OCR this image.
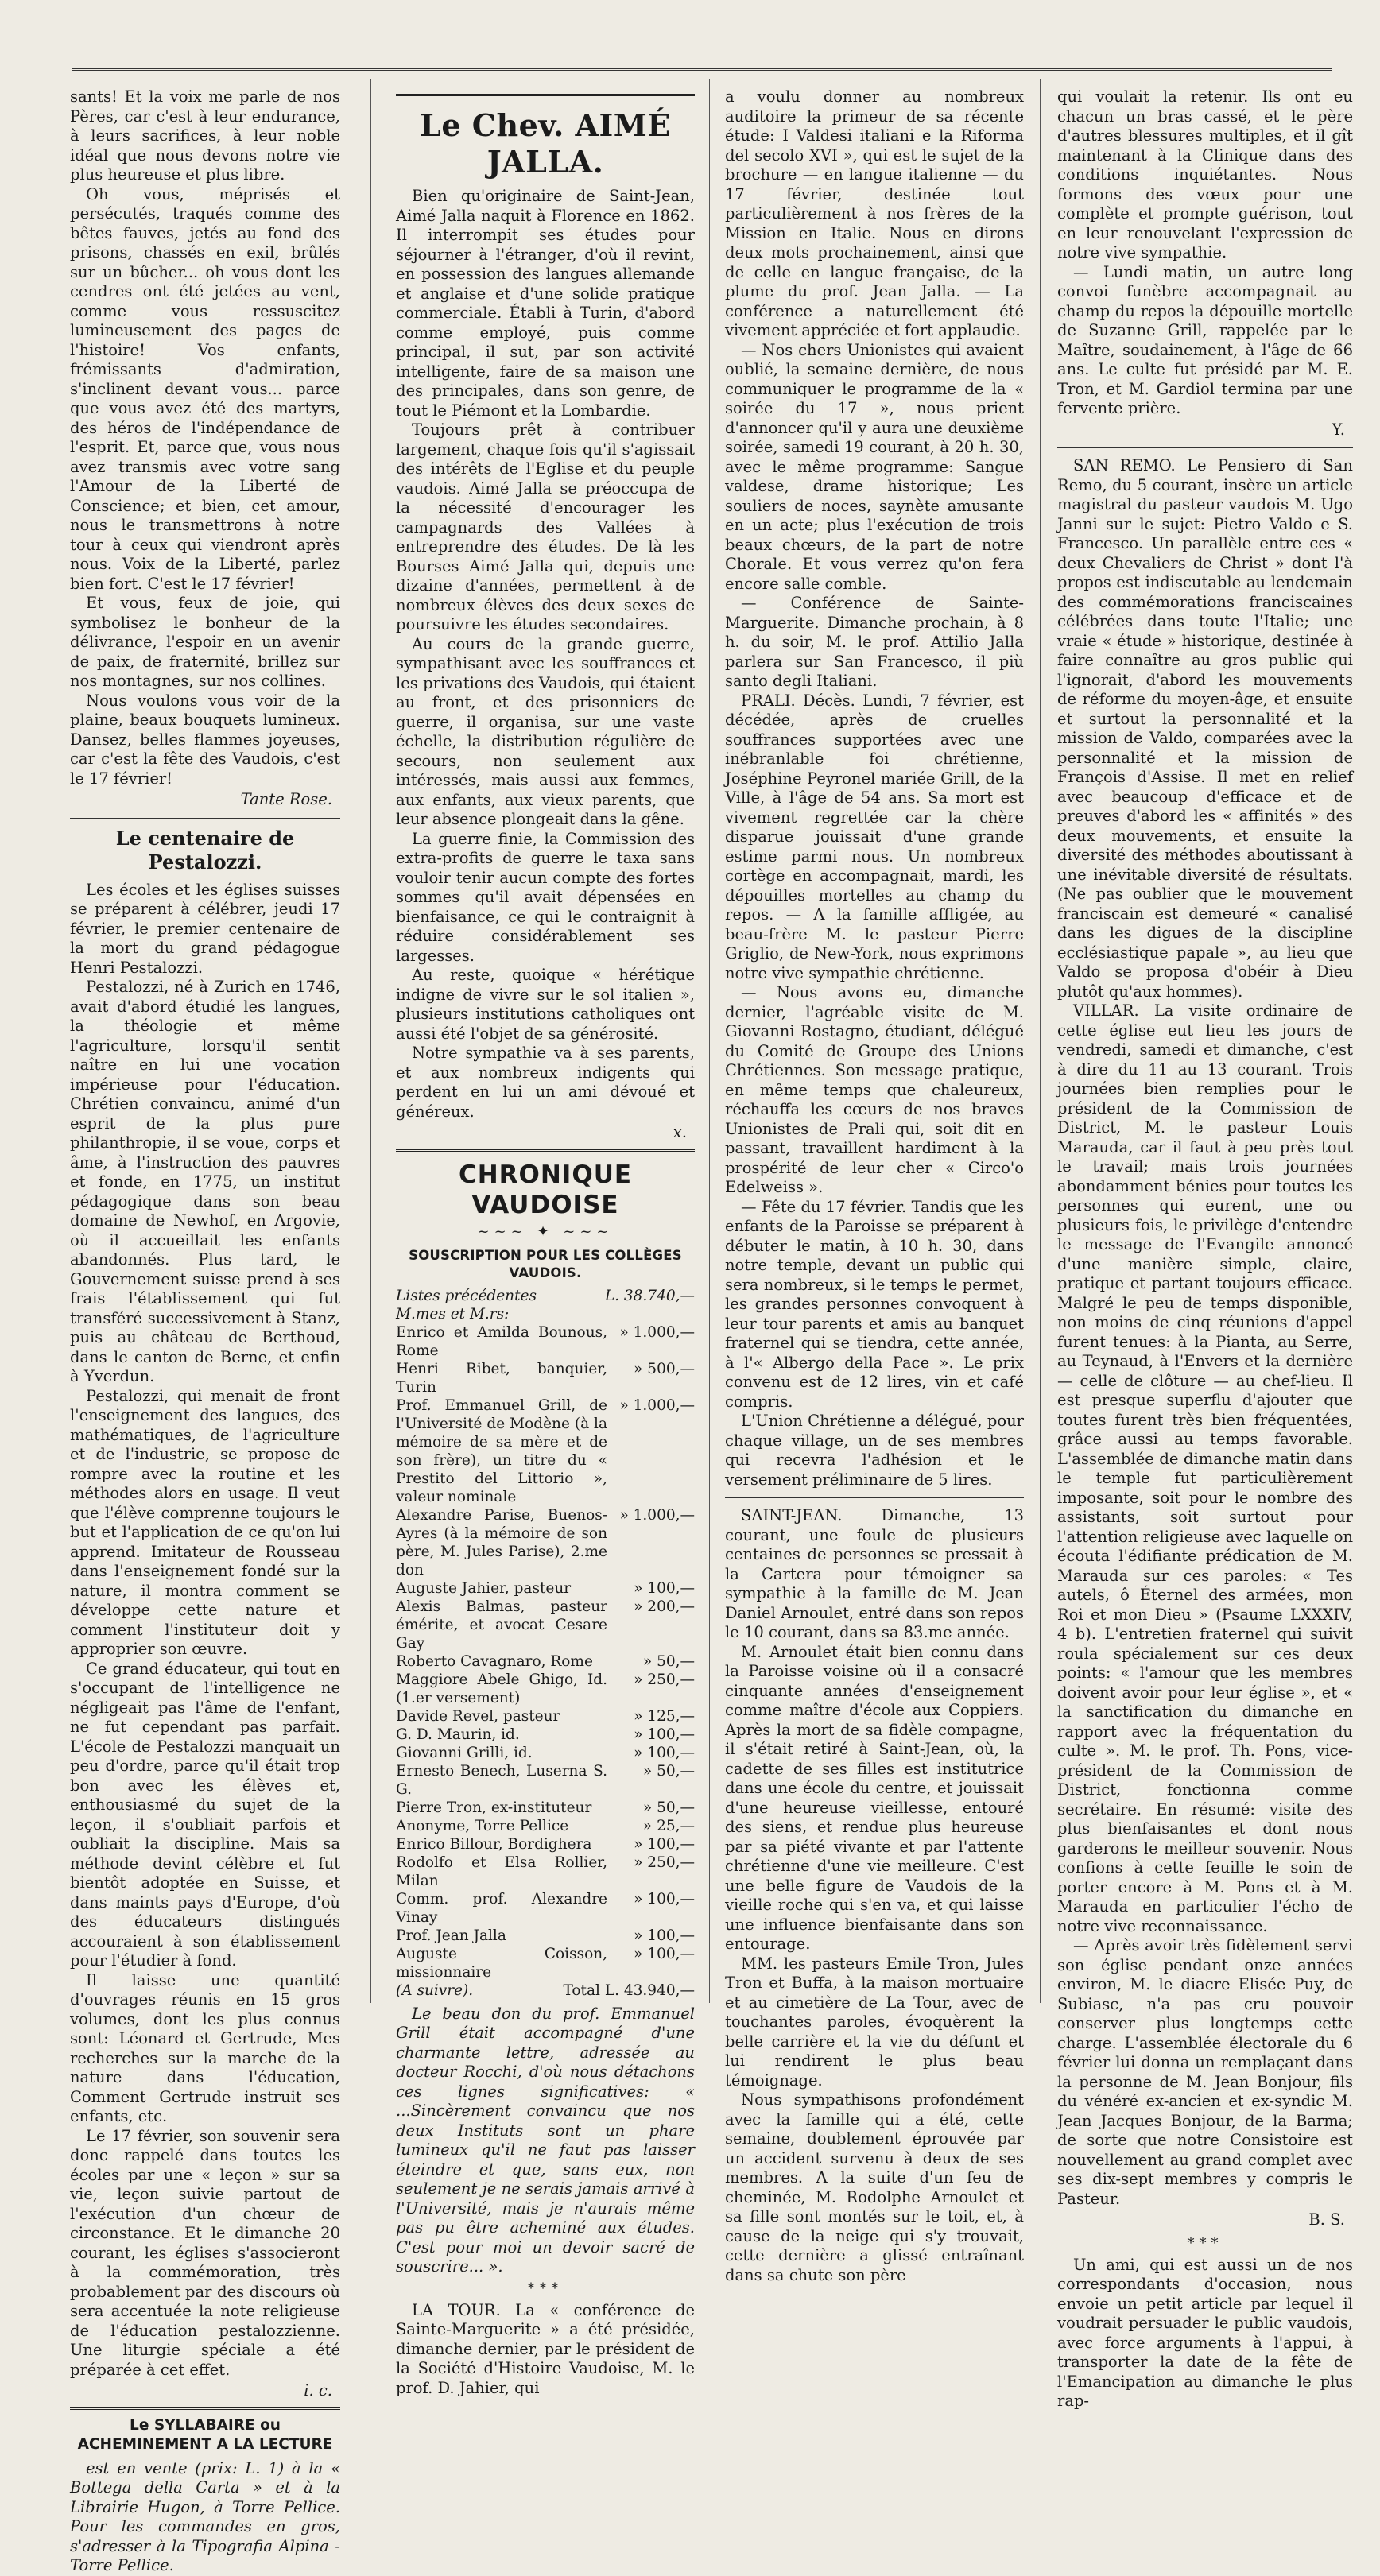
sants! Et la voix me parle de nos Pères, car c'est à leur endurance, à leurs sacrifices, à leur noble idéal que nous devons notre vie plus heureuse et plus libre.

Oh vous, méprisés et persécutés, traqués comme des bêtes fauves, jetés au fond des prisons, chassés en exil, brûlés sur un bûcher... oh vous dont les cendres ont été jetées au vent, comme vous ressuscitez lumineusement des pages de l'histoire! Vos enfants, frémissants d'admiration, s'inclinent devant vous... parce que vous avez été des martyrs, des héros de l'indépendance de l'esprit. Et, parce que, vous nous avez transmis avec votre sang l'Amour de la Liberté de Conscience; et bien, cet amour, nous le transmettrons à notre tour à ceux qui viendront après nous. Voix de la Liberté, parlez bien fort. C'est le 17 février!

Et vous, feux de joie, qui symbolisez le bonheur de la délivrance, l'espoir en un avenir de paix, de fraternité, brillez sur nos montagnes, sur nos collines.

Nous voulons vous voir de la plaine, beaux bouquets lumineux. Dansez, belles flammes joyeuses, car c'est la fête des Vaudois, c'est le 17 février!

Tante Rose.
Le centenaire de Pestalozzi.

Les écoles et les églises suisses se préparent à célébrer, jeudi 17 février, le premier centenaire de la mort du grand pédagogue Henri Pestalozzi.

Pestalozzi, né à Zurich en 1746, avait d'abord étudié les langues, la théologie et même l'agriculture, lorsqu'il sentit naître en lui une vocation impérieuse pour l'éducation. Chrétien convaincu, animé d'un esprit de la plus pure philanthropie, il se voue, corps et âme, à l'instruction des pauvres et fonde, en 1775, un institut pédagogique dans son beau domaine de Newhof, en Argovie, où il accueillait les enfants abandonnés. Plus tard, le Gouvernement suisse prend à ses frais l'établissement qui fut transféré successivement à Stanz, puis au château de Berthoud, dans le canton de Berne, et enfin à Yverdun.

Pestalozzi, qui menait de front l'enseignement des langues, des mathématiques, de l'agriculture et de l'industrie, se propose de rompre avec la routine et les méthodes alors en usage. Il veut que l'élève comprenne toujours le but et l'application de ce qu'on lui apprend. Imitateur de Rousseau dans l'enseignement fondé sur la nature, il montra comment se développe cette nature et comment l'instituteur doit y approprier son œuvre.

Ce grand éducateur, qui tout en s'occupant de l'intelligence ne négligeait pas l'âme de l'enfant, ne fut cependant pas parfait. L'école de Pestalozzi manquait un peu d'ordre, parce qu'il était trop bon avec les élèves et, enthousiasmé du sujet de la leçon, il s'oubliait parfois et oubliait la discipline. Mais sa méthode devint célèbre et fut bientôt adoptée en Suisse, et dans maints pays d'Europe, d'où des éducateurs distingués accouraient à son établissement pour l'étudier à fond.

Il laisse une quantité d'ouvrages réunis en 15 gros volumes, dont les plus connus sont: Léonard et Gertrude, Mes recherches sur la marche de la nature dans l'éducation, Comment Gertrude instruit ses enfants, etc.

Le 17 février, son souvenir sera donc rappelé dans toutes les écoles par une « leçon » sur sa vie, leçon suivie partout de l'exécution d'un chœur de circonstance. Et le dimanche 20 courant, les églises s'associeront à la commémoration, très probablement par des discours où sera accentuée la note religieuse de l'éducation pestalozzienne. Une liturgie spéciale a été préparée à cet effet.

i. c.
Le SYLLABAIRE ou ACHEMINEMENT A LA LECTURE

est en vente (prix: L. 1) à la « Bottega della Carta » et à la Librairie Hugon, à Torre Pellice. Pour les commandes en gros, s'adresser à la Tipografia Alpina - Torre Pellice.

Le Chev. AIMÉ JALLA.

Bien qu'originaire de Saint-Jean, Aimé Jalla naquit à Florence en 1862. Il interrompit ses études pour séjourner à l'étranger, d'où il revint, en possession des langues allemande et anglaise et d'une solide pratique commerciale. Établi à Turin, d'abord comme employé, puis comme principal, il sut, par son activité intelligente, faire de sa maison une des principales, dans son genre, de tout le Piémont et la Lombardie.

Toujours prêt à contribuer largement, chaque fois qu'il s'agissait des intérêts de l'Eglise et du peuple vaudois. Aimé Jalla se préoccupa de la nécessité d'encourager les campagnards des Vallées à entreprendre des études. De là les Bourses Aimé Jalla qui, depuis une dizaine d'années, permettent à de nombreux élèves des deux sexes de poursuivre les études secondaires.

Au cours de la grande guerre, sympathisant avec les souffrances et les privations des Vaudois, qui étaient au front, et des prisonniers de guerre, il organisa, sur une vaste échelle, la distribution régulière de secours, non seulement aux intéressés, mais aussi aux femmes, aux enfants, aux vieux parents, que leur absence plongeait dans la gêne.

La guerre finie, la Commission des extra-profits de guerre le taxa sans vouloir tenir aucun compte des fortes sommes qu'il avait dépensées en bienfaisance, ce qui le contraignit à réduire considérablement ses largesses.

Au reste, quoique « hérétique indigne de vivre sur le sol italien », plusieurs institutions catholiques ont aussi été l'objet de sa générosité.

Notre sympathie va à ses parents, et aux nombreux indigents qui perdent en lui un ami dévoué et généreux.

x.
CHRONIQUE VAUDOISE
~~~ ✦ ~~~
SOUSCRIPTION POUR LES COLLÈGES VAUDOIS.
Listes précédentes	L. 38.740,—
M.mes et M.rs:
Enrico et Amilda Bounous, Rome	» 1.000,—
Henri Ribet, banquier, Turin	» 500,—
Prof. Emmanuel Grill, de l'Université de Modène (à la mémoire de sa mère et de son frère), un titre du « Prestito del Littorio », valeur nominale	» 1.000,—
Alexandre Parise, Buenos-Ayres (à la mémoire de son père, M. Jules Parise), 2.me don	» 1.000,—
Auguste Jahier, pasteur	» 100,—
Alexis Balmas, pasteur émérite, et avocat Cesare Gay	» 200,—
Roberto Cavagnaro, Rome	» 50,—
Maggiore Abele Ghigo, Id. (1.er versement)	» 250,—
Davide Revel, pasteur	» 125,—
G. D. Maurin, id.	» 100,—
Giovanni Grilli, id.	» 100,—
Ernesto Benech, Luserna S. G.	» 50,—
Pierre Tron, ex-instituteur	» 50,—
Anonyme, Torre Pellice	» 25,—
Enrico Billour, Bordighera	» 100,—
Rodolfo et Elsa Rollier, Milan	» 250,—
Comm. prof. Alexandre Vinay	» 100,—
Prof. Jean Jalla	» 100,—
Auguste Coisson, missionnaire	» 100,—
(A suivre).	Total L. 43.940,—

Le beau don du prof. Emmanuel Grill était accompagné d'une charmante lettre, adressée au docteur Rocchi, d'où nous détachons ces lignes significatives: « ...Sincèrement convaincu que nos deux Instituts sont un phare lumineux qu'il ne faut pas laisser éteindre et que, sans eux, non seulement je ne serais jamais arrivé à l'Université, mais je n'aurais même pas pu être acheminé aux études. C'est pour moi un devoir sacré de souscrire... ».

***

LA TOUR. La « conférence de Sainte-Marguerite » a été présidée, dimanche dernier, par le président de la Société d'Histoire Vaudoise, M. le prof. D. Jahier, qui

a voulu donner au nombreux auditoire la primeur de sa récente étude: I Valdesi italiani e la Riforma del secolo XVI », qui est le sujet de la brochure — en langue italienne — du 17 février, destinée tout particulièrement à nos frères de la Mission en Italie. Nous en dirons deux mots prochainement, ainsi que de celle en langue française, de la plume du prof. Jean Jalla. — La conférence a naturellement été vivement appréciée et fort applaudie.

— Nos chers Unionistes qui avaient oublié, la semaine dernière, de nous communiquer le programme de la « soirée du 17 », nous prient d'annoncer qu'il y aura une deuxième soirée, samedi 19 courant, à 20 h. 30, avec le même programme: Sangue valdese, drame historique; Les souliers de noces, saynète amusante en un acte; plus l'exécution de trois beaux chœurs, de la part de notre Chorale. Et vous verrez qu'on fera encore salle comble.

— Conférence de Sainte-Marguerite. Dimanche prochain, à 8 h. du soir, M. le prof. Attilio Jalla parlera sur San Francesco, il più santo degli Italiani.

PRALI. Décès. Lundi, 7 février, est décédée, après de cruelles souffrances supportées avec une inébranlable foi chrétienne, Joséphine Peyronel mariée Grill, de la Ville, à l'âge de 54 ans. Sa mort est vivement regrettée car la chère disparue jouissait d'une grande estime parmi nous. Un nombreux cortège en accompagnait, mardi, les dépouilles mortelles au champ du repos. — A la famille affligée, au beau-frère M. le pasteur Pierre Griglio, de New-York, nous exprimons notre vive sympathie chrétienne.

— Nous avons eu, dimanche dernier, l'agréable visite de M. Giovanni Rostagno, étudiant, délégué du Comité de Groupe des Unions Chrétiennes. Son message pratique, en même temps que chaleureux, réchauffa les cœurs de nos braves Unionistes de Prali qui, soit dit en passant, travaillent hardiment à la prospérité de leur cher « Circo'o Edelweiss ».

— Fête du 17 février. Tandis que les enfants de la Paroisse se préparent à débuter le matin, à 10 h. 30, dans notre temple, devant un public qui sera nombreux, si le temps le permet, les grandes personnes convoquent à leur tour parents et amis au banquet fraternel qui se tiendra, cette année, à l'« Albergo della Pace ». Le prix convenu est de 12 lires, vin et café compris.

L'Union Chrétienne a délégué, pour chaque village, un de ses membres qui recevra l'adhésion et le versement préliminaire de 5 lires.

SAINT-JEAN.	Dimanche, 13 courant, une foule de plusieurs centaines de personnes se pressait à la Cartera pour témoigner sa sympathie à la famille de M. Jean Daniel Arnoulet, entré dans son repos le 10 courant, dans sa 83.me année.

M. Arnoulet était bien connu dans la Paroisse voisine où il a consacré cinquante années d'enseignement comme maître d'école aux Coppiers. Après la mort de sa fidèle compagne, il s'était retiré à Saint-Jean, où, la cadette de ses filles est institutrice dans une école du centre, et jouissait d'une heureuse vieillesse, entouré des siens, et rendue plus heureuse par sa piété vivante et par l'attente chrétienne d'une vie meilleure. C'est une belle figure de Vaudois de la vieille roche qui s'en va, et qui laisse une influence bienfaisante dans son entourage.

MM. les pasteurs Emile Tron, Jules Tron et Buffa, à la maison mortuaire et au cimetière de La Tour, avec de touchantes paroles, évoquèrent la belle carrière et la vie du défunt et lui rendirent le plus beau témoignage.

Nous sympathisons profondément avec la famille qui a été, cette semaine, doublement éprouvée par un accident survenu à deux de ses membres. A la suite d'un feu de cheminée, M. Rodolphe Arnoulet et sa fille sont montés sur le toit, et, à cause de la neige qui s'y trouvait, cette dernière a glissé entraînant dans sa chute son père

qui voulait la retenir. Ils ont eu chacun un bras cassé, et le père d'autres blessures multiples, et il gît maintenant à la Clinique dans des conditions inquiétantes. Nous formons des vœux pour une complète et prompte guérison, tout en leur renouvelant l'expression de notre vive sympathie.

— Lundi matin, un autre long convoi funèbre accompagnait au champ du repos la dépouille mortelle de Suzanne Grill, rappelée par le Maître, soudainement, à l'âge de 66 ans. Le culte fut présidé par M. E. Tron, et M. Gardiol termina par une fervente prière.

Y.

SAN REMO. Le Pensiero di San Remo, du 5 courant, insère un article magistral du pasteur vaudois M. Ugo Janni sur le sujet: Pietro Valdo e S. Francesco. Un parallèle entre ces « deux Chevaliers de Christ » dont l'à propos est indiscutable au lendemain des commémorations franciscaines célébrées dans toute l'Italie; une vraie « étude » historique, destinée à faire connaître au gros public qui l'ignorait, d'abord les mouvements de réforme du moyen-âge, et ensuite et surtout la personnalité et la mission de Valdo, comparées avec la personnalité et la mission de François d'Assise. Il met en relief avec beaucoup d'efficace et de preuves d'abord les « affinités » des deux mouvements, et ensuite la diversité des méthodes aboutissant à une inévitable diversité de résultats. (Ne pas oublier que le mouvement franciscain est demeuré « canalisé dans les digues de la discipline ecclésiastique papale », au lieu que Valdo se proposa d'obéir à Dieu plutôt qu'aux hommes).

VILLAR. La visite ordinaire de cette église eut lieu les jours de vendredi, samedi et dimanche, c'est à dire du 11 au 13 courant. Trois journées bien remplies pour le président de la Commission de District, M. le pasteur Louis Marauda, car il faut à peu près tout le travail; mais trois journées abondamment bénies pour toutes les personnes qui eurent, une ou plusieurs fois, le privilège d'entendre le message de l'Evangile annoncé d'une manière simple, claire, pratique et partant toujours efficace. Malgré le peu de temps disponible, non moins de cinq réunions d'appel furent tenues: à la Pianta, au Serre, au Teynaud, à l'Envers et la dernière — celle de clôture — au chef-lieu. Il est presque superflu d'ajouter que toutes furent très bien fréquentées, grâce aussi au temps favorable. L'assemblée de dimanche matin dans le temple fut particulièrement imposante, soit pour le nombre des assistants, soit surtout pour l'attention religieuse avec laquelle on écouta l'édifiante prédication de M. Marauda sur ces paroles: « Tes autels, ô Éternel des armées, mon Roi et mon Dieu » (Psaume LXXXIV, 4 b). L'entretien fraternel qui suivit roula spécialement sur ces deux points: « l'amour que les membres doivent avoir pour leur église », et « la sanctification du dimanche en rapport avec la fréquentation du culte ». M. le prof. Th. Pons, vice-président de la Commission de District, fonctionna comme secrétaire. En résumé: visite des plus bienfaisantes et dont nous garderons le meilleur souvenir. Nous confions à cette feuille le soin de porter encore à M. Pons et à M. Marauda en particulier l'écho de notre vive reconnaissance.

— Après avoir très fidèlement servi son église pendant onze années environ, M. le diacre Elisée Puy, de Subiasc, n'a pas cru pouvoir conserver plus longtemps cette charge. L'assemblée électorale du 6 février lui donna un remplaçant dans la personne de M. Jean Bonjour, fils du vénéré ex-ancien et ex-syndic M. Jean Jacques Bonjour, de la Barma; de sorte que notre Consistoire est nouvellement au grand complet avec ses dix-sept membres y compris le Pasteur.

B. S.
***

Un ami, qui est aussi un de nos correspondants d'occasion, nous envoie un petit article par lequel il voudrait persuader le public vaudois, avec force arguments à l'appui, à transporter la date de la fête de l'Emancipation au dimanche le plus rap-
